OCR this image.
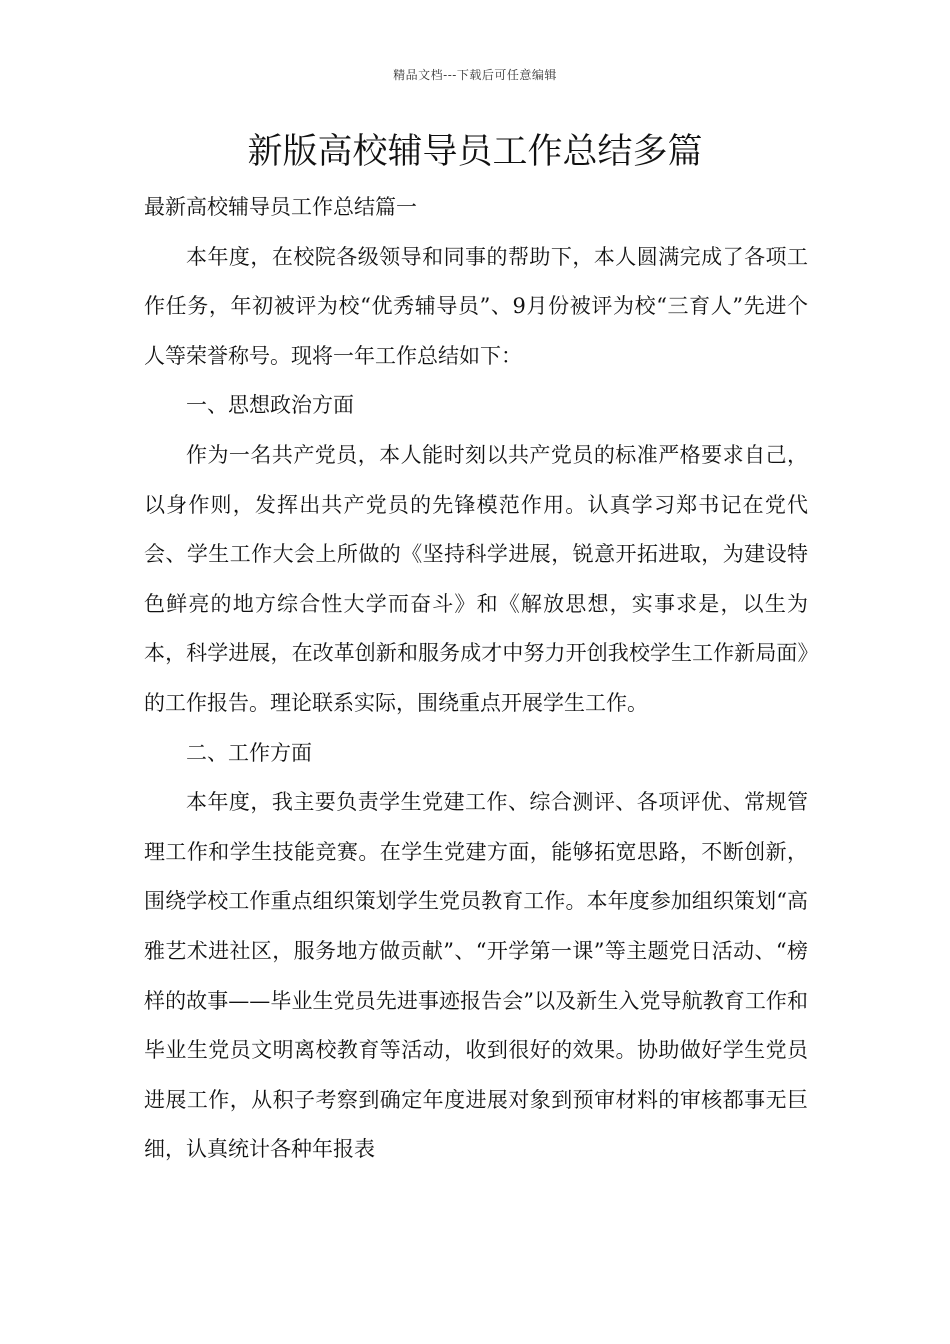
精品文档---下载后可任意编辑
新版高校辅导员工作总结多篇

最新高校辅导员工作总结篇一

本年度，在校院各级领导和同事的帮助下，本人圆满完成了各项工作任务，年初被评为校“优秀辅导员”、9月份被评为校“三育人”先进个人等荣誉称号。现将一年工作总结如下：

一、思想政治方面

作为一名共产党员，本人能时刻以共产党员的标准严格要求自己，以身作则，发挥出共产党员的先锋模范作用。认真学习郑书记在党代会、学生工作大会上所做的《坚持科学进展，锐意开拓进取，为建设特色鲜亮的地方综合性大学而奋斗》和《解放思想，实事求是，以生为本，科学进展，在改革创新和服务成才中努力开创我校学生工作新局面》的工作报告。理论联系实际，围绕重点开展学生工作。

二、工作方面

本年度，我主要负责学生党建工作、综合测评、各项评优、常规管理工作和学生技能竞赛。在学生党建方面，能够拓宽思路，不断创新，围绕学校工作重点组织策划学生党员教育工作。本年度参加组织策划“高雅艺术进社区，服务地方做贡献”、“开学第一课”等主题党日活动、“榜样的故事——毕业生党员先进事迹报告会”以及新生入党导航教育工作和毕业生党员文明离校教育等活动，收到很好的效果。协助做好学生党员进展工作，从积子考察到确定年度进展对象到预审材料的审核都事无巨细，认真统计各种年报表
